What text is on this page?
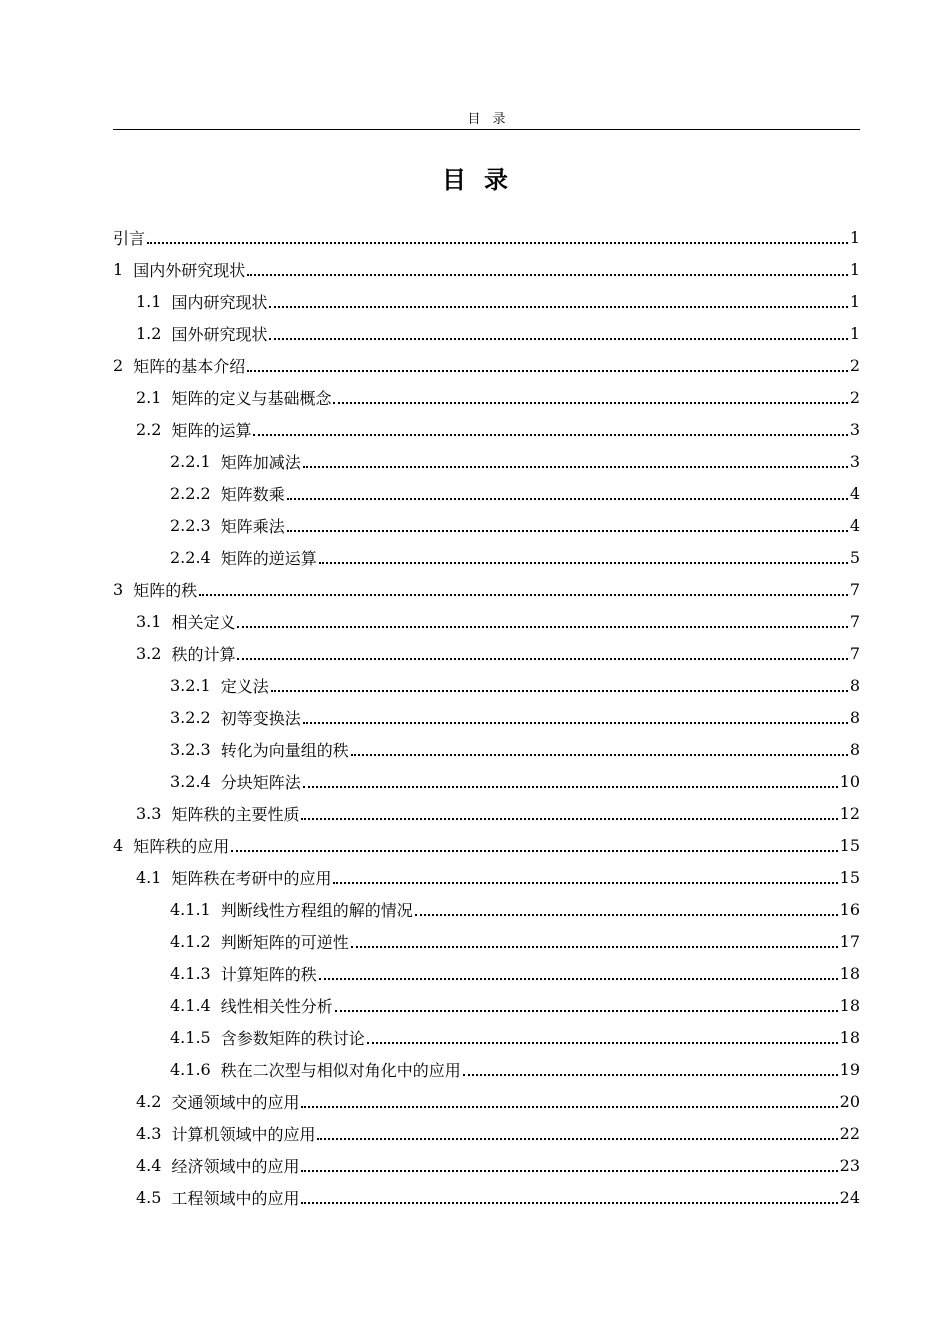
目录
目录
引言	1
1 国内外研究现状	1
1.1 国内研究现状	1
1.2 国外研究现状	1
2 矩阵的基本介绍	2
2.1 矩阵的定义与基础概念	2
2.2 矩阵的运算	3
2.2.1 矩阵加减法	3
2.2.2 矩阵数乘	4
2.2.3 矩阵乘法	4
2.2.4 矩阵的逆运算	5
3 矩阵的秩	7
3.1 相关定义	7
3.2 秩的计算	7
3.2.1 定义法	8
3.2.2 初等变换法	8
3.2.3 转化为向量组的秩	8
3.2.4 分块矩阵法	10
3.3 矩阵秩的主要性质	12
4 矩阵秩的应用	15
4.1 矩阵秩在考研中的应用	15
4.1.1 判断线性方程组的解的情况	16
4.1.2 判断矩阵的可逆性	17
4.1.3 计算矩阵的秩	18
4.1.4 线性相关性分析	18
4.1.5 含参数矩阵的秩讨论	18
4.1.6 秩在二次型与相似对角化中的应用	19
4.2 交通领域中的应用	20
4.3 计算机领域中的应用	22
4.4 经济领域中的应用	23
4.5 工程领域中的应用	24
